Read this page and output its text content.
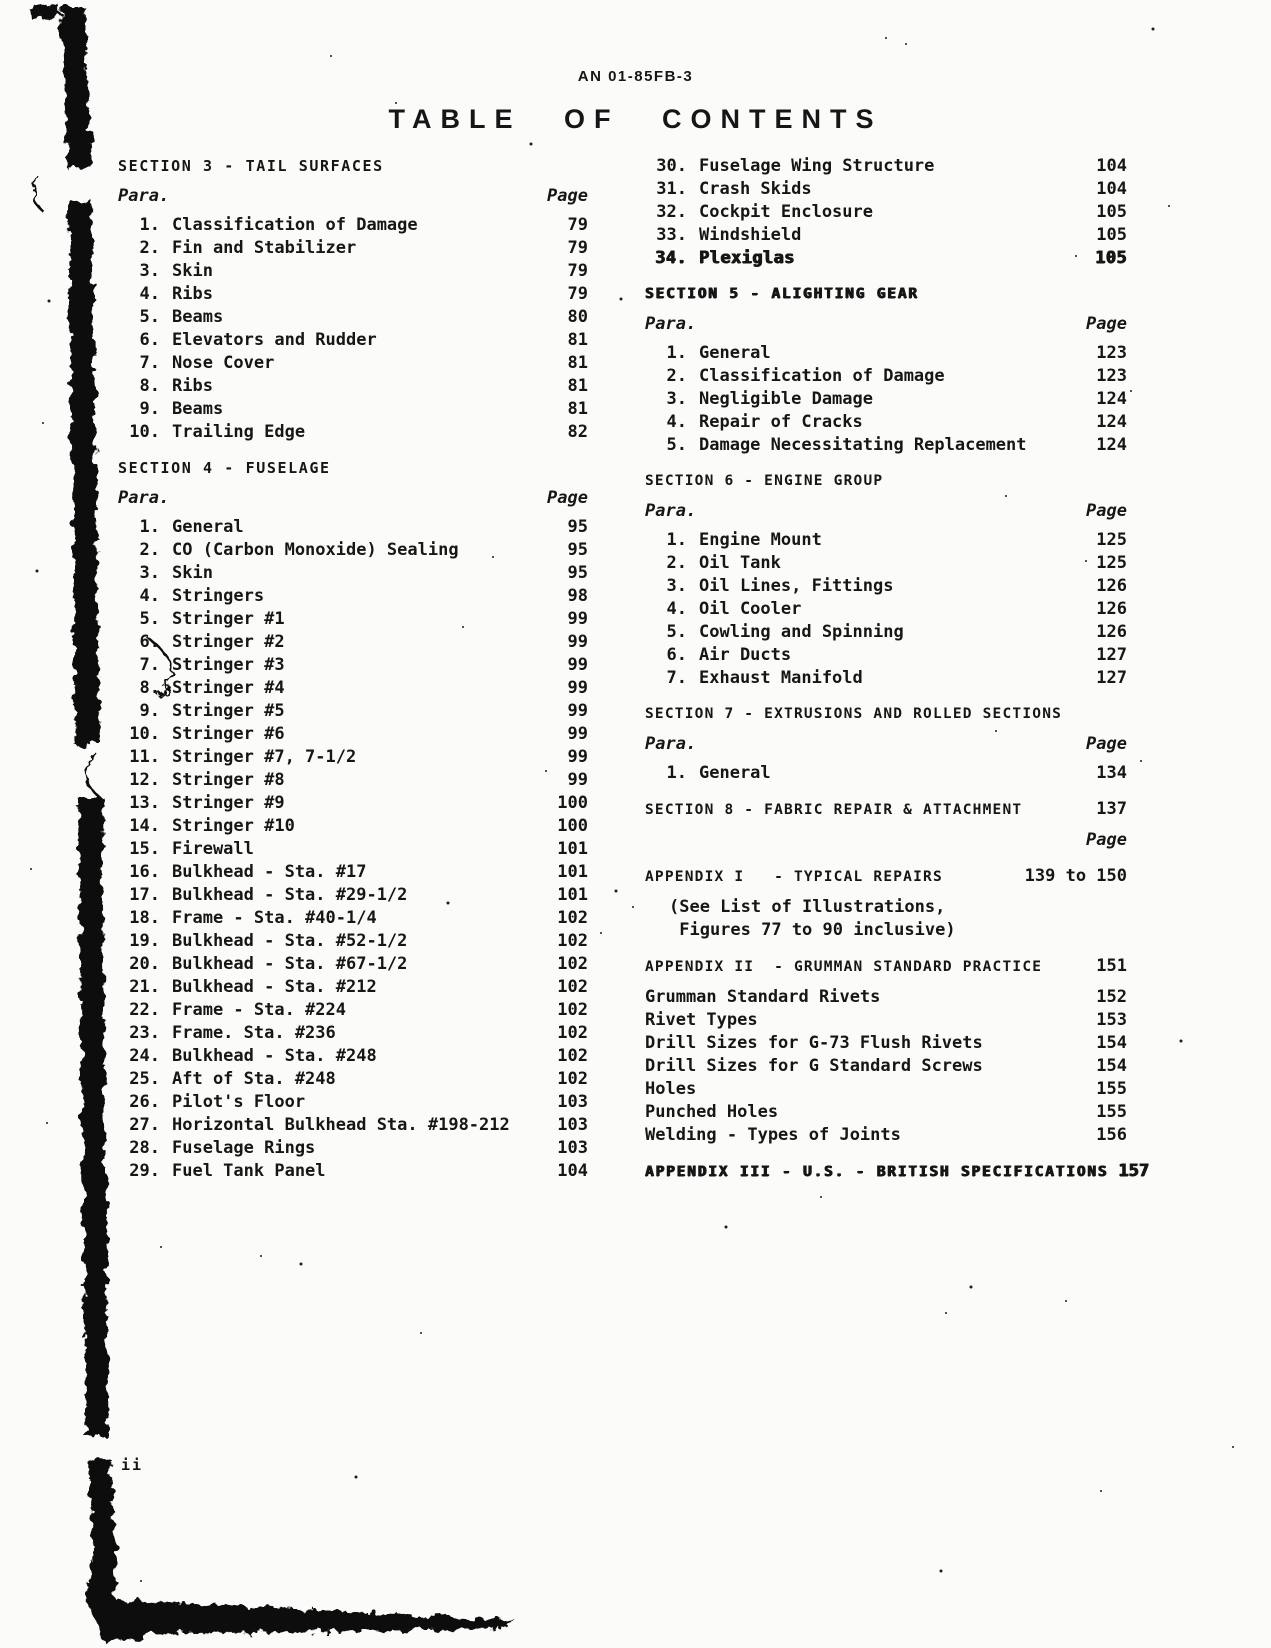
AN 01-85FB-3
TABLE OF CONTENTS
SECTION 3 - TAIL SURFACES
Para.	Page
1. Classification of Damage	79
2. Fin and Stabilizer	79
3. Skin	79
4. Ribs	79
5. Beams	80
6. Elevators and Rudder	81
7. Nose Cover	81
8. Ribs	81
9. Beams	81
10. Trailing Edge	82
SECTION 4 - FUSELAGE
Para.	Page
1. General	95
2. CO (Carbon Monoxide) Sealing	95
3. Skin	95
4. Stringers	98
5. Stringer #1	99
6. Stringer #2	99
7. Stringer #3	99
8. Stringer #4	99
9. Stringer #5	99
10. Stringer #6	99
11. Stringer #7, 7-1/2	99
12. Stringer #8	99
13. Stringer #9	100
14. Stringer #10	100
15. Firewall	101
16. Bulkhead - Sta. #17	101
17. Bulkhead - Sta. #29-1/2	101
18. Frame - Sta. #40-1/4	102
19. Bulkhead - Sta. #52-1/2	102
20. Bulkhead - Sta. #67-1/2	102
21. Bulkhead - Sta. #212	102
22. Frame - Sta. #224	102
23. Frame. Sta. #236	102
24. Bulkhead - Sta. #248	102
25. Aft of Sta. #248	102
26. Pilot's Floor	103
27. Horizontal Bulkhead Sta. #198-212	103
28. Fuselage Rings	103
29. Fuel Tank Panel	104
30. Fuselage Wing Structure	104
31. Crash Skids	104
32. Cockpit Enclosure	105
33. Windshield	105
34. Plexiglas	105
SECTION 5 - ALIGHTING GEAR
Para.	Page
1. General	123
2. Classification of Damage	123
3. Negligible Damage	124
4. Repair of Cracks	124
5. Damage Necessitating Replacement	124
SECTION 6 - ENGINE GROUP
Para.	Page
1. Engine Mount	125
2. Oil Tank	125
3. Oil Lines, Fittings	126
4. Oil Cooler	126
5. Cowling and Spinning	126
6. Air Ducts	127
7. Exhaust Manifold	127
SECTION 7 - EXTRUSIONS AND ROLLED SECTIONS
Para.	Page
1. General	134
SECTION 8 - FABRIC REPAIR & ATTACHMENT	137
Page
APPENDIX I   - TYPICAL REPAIRS	139 to 150
(See List of Illustrations,
Figures 77 to 90 inclusive)
APPENDIX II  - GRUMMAN STANDARD PRACTICE	151
Grumman Standard Rivets	152
Rivet Types	153
Drill Sizes for G-73 Flush Rivets	154
Drill Sizes for G Standard Screws	154
Holes	155
Punched Holes	155
Welding - Types of Joints	156
APPENDIX III - U.S. - BRITISH SPECIFICATIONS 157
ii
